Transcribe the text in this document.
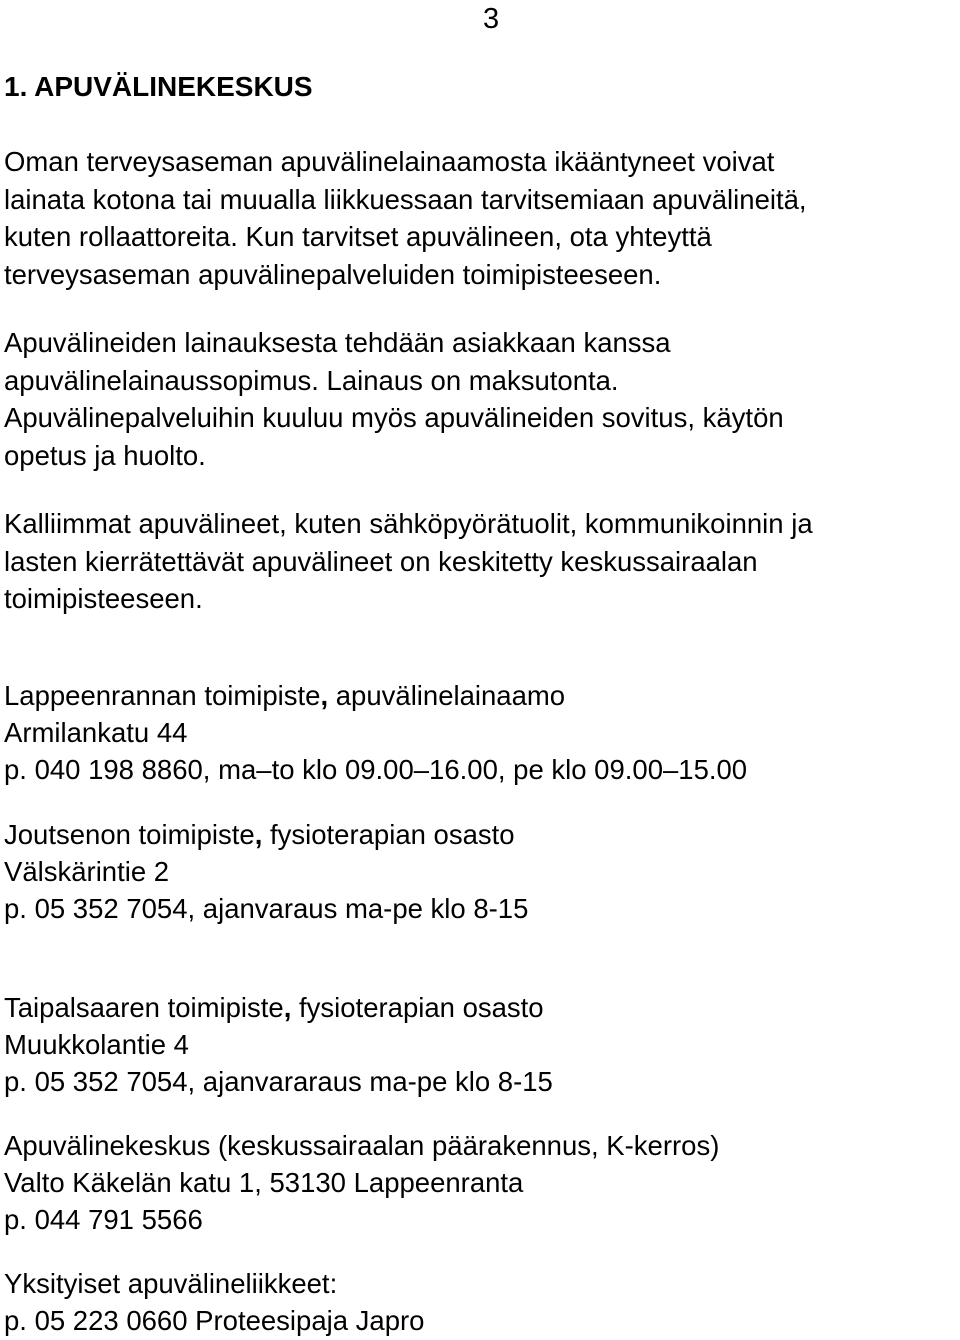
3
1. APUVÄLINEKESKUS
Oman terveysaseman apuvälinelainaamosta ikääntyneet voivat
lainata kotona tai muualla liikkuessaan tarvitsemiaan apuvälineitä,
kuten rollaattoreita. Kun tarvitset apuvälineen, ota yhteyttä
terveysaseman apuvälinepalveluiden toimipisteeseen.
Apuvälineiden lainauksesta tehdään asiakkaan kanssa
apuvälinelainaussopimus. Lainaus on maksutonta.
Apuvälinepalveluihin kuuluu myös apuvälineiden sovitus, käytön
opetus ja huolto.
Kalliimmat apuvälineet, kuten sähköpyörätuolit, kommunikoinnin ja
lasten kierrätettävät apuvälineet on keskitetty keskussairaalan
toimipisteeseen.
Lappeenrannan toimipiste, apuvälinelainaamo
Armilankatu 44
p. 040 198 8860, ma–to klo 09.00–16.00, pe klo 09.00–15.00
Joutsenon toimipiste, fysioterapian osasto
Välskärintie 2
p. 05 352 7054, ajanvaraus ma-pe klo 8-15
Taipalsaaren toimipiste, fysioterapian osasto
Muukkolantie 4
p. 05 352 7054, ajanvararaus ma-pe klo 8-15
Apuvälinekeskus (keskussairaalan päärakennus, K-kerros)
Valto Käkelän katu 1, 53130 Lappeenranta
p. 044 791 5566
Yksityiset apuvälineliikkeet:
p. 05 223 0660 Proteesipaja Japro
